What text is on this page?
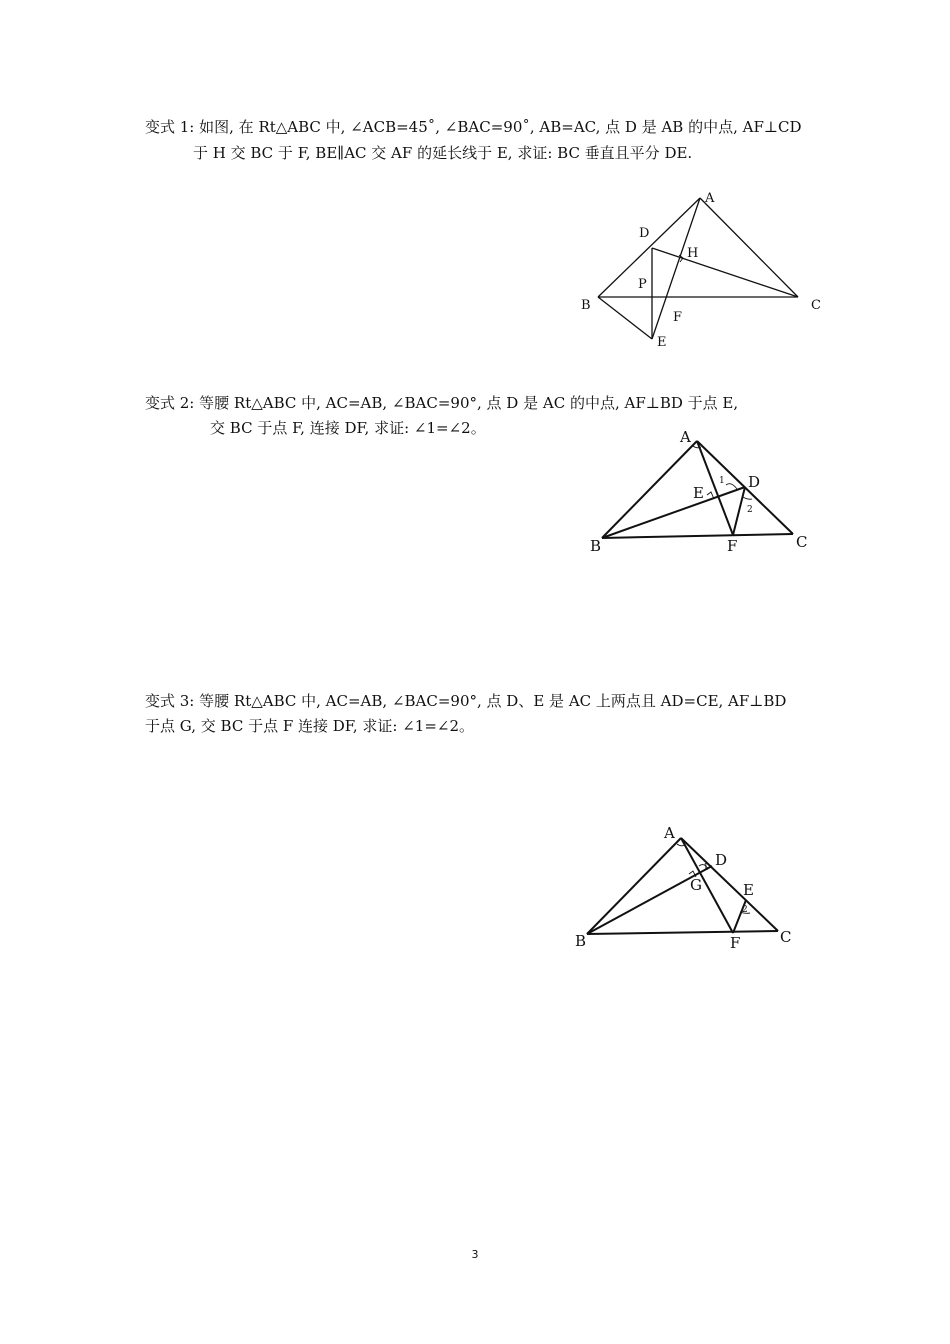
变式 1: 如图, 在 Rt△ABC 中, ∠ACB=45˚, ∠BAC=90˚, AB=AC, 点 D 是 AB 的中点, AF⊥CD
于 H 交 BC 于 F, BE∥AC 交 AF 的延长线于 E, 求证: BC 垂直且平分 DE.
A
B	C
D
E
F
H
P
变式 2: 等腰 Rt△ABC 中, AC=AB, ∠BAC=90°, 点 D 是 AC 的中点, AF⊥BD 于点 E,
交 BC 于点 F, 连接 DF, 求证: ∠1=∠2。	A
B	C
D
E
F
1
2
变式 3: 等腰 Rt△ABC 中, AC=AB, ∠BAC=90°, 点 D、E 是 AC 上两点且 AD=CE, AF⊥BD
于点 G, 交 BC 于点 F 连接 DF, 求证: ∠1=∠2。
A
B	C
D
E
F
G
1
2
3
